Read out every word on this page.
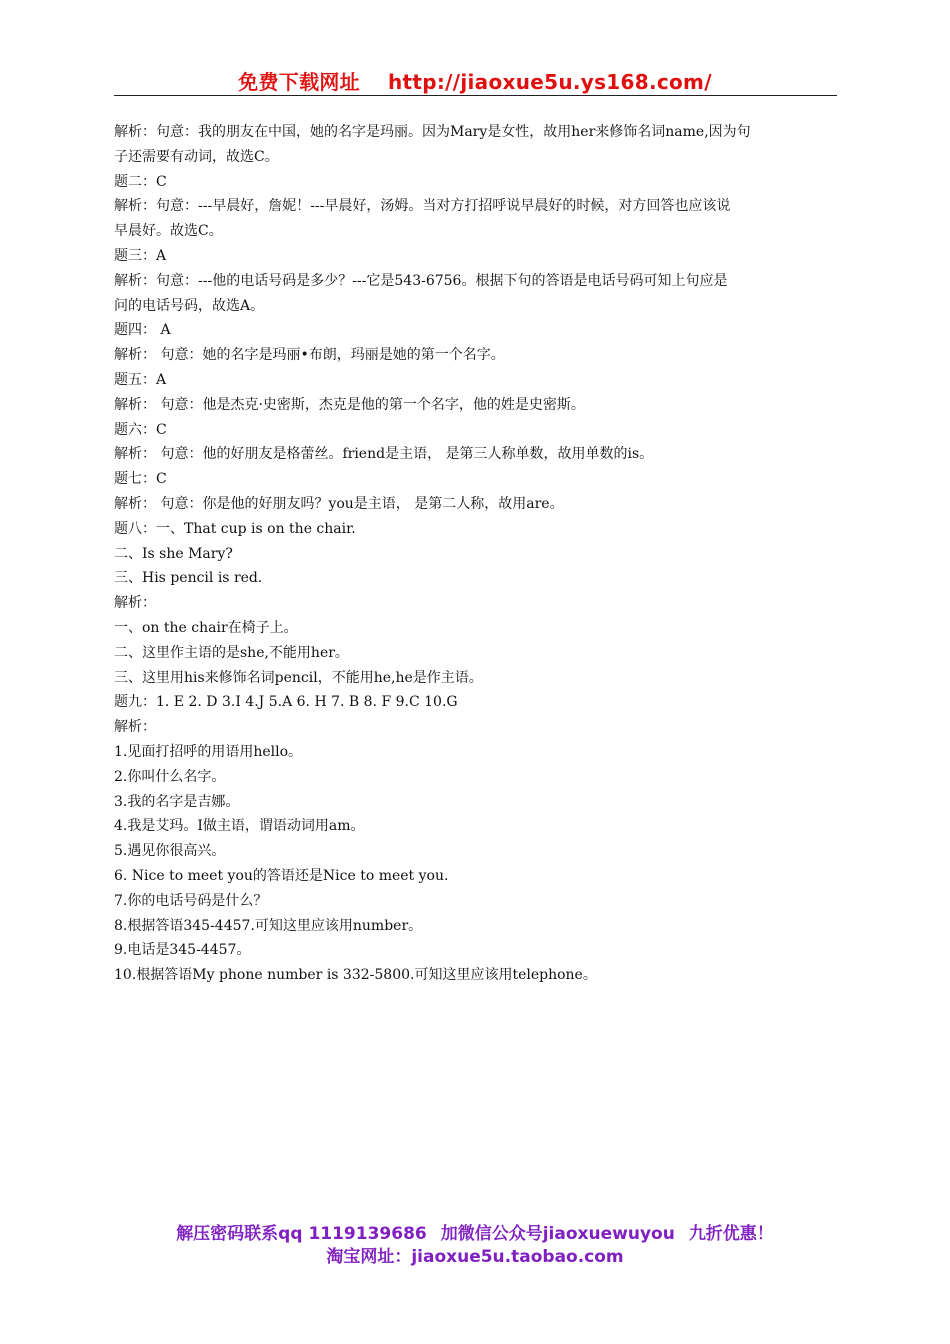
免费下载网址 http://jiaoxue5u.ys168.com/
解析：句意：我的朋友在中国，她的名字是玛丽。因为Mary是女性，故用her来修饰名词name,因为句
子还需要有动词，故选C。
题二：C
解析：句意：---早晨好，詹妮！---早晨好，汤姆。当对方打招呼说早晨好的时候，对方回答也应该说
早晨好。故选C。
题三：A
解析：句意：---他的电话号码是多少？---它是543-6756。根据下句的答语是电话号码可知上句应是
问的电话号码，故选A。
题四： A
解析： 句意：她的名字是玛丽•布朗，玛丽是她的第一个名字。
题五：A
解析： 句意：他是杰克·史密斯，杰克是他的第一个名字，他的姓是史密斯。
题六：C
解析： 句意：他的好朋友是格蕾丝。friend是主语， 是第三人称单数，故用单数的is。
题七：C
解析： 句意：你是他的好朋友吗？you是主语， 是第二人称，故用are。
题八：一、That cup is on the chair.
二、Is she Mary?
三、His pencil is red.
解析：
一、on the chair在椅子上。
二、这里作主语的是she,不能用her。
三、这里用his来修饰名词pencil，不能用he,he是作主语。
题九：1. E 2. D 3.I 4.J 5.A 6. H 7. B 8. F 9.C 10.G
解析：
1.见面打招呼的用语用hello。
2.你叫什么名字。
3.我的名字是吉娜。
4.我是艾玛。I做主语，谓语动词用am。
5.遇见你很高兴。
6. Nice to meet you的答语还是Nice to meet you.
7.你的电话号码是什么？
8.根据答语345-4457.可知这里应该用number。
9.电话是345-4457。
10.根据答语My phone number is 332-5800.可知这里应该用telephone。
解压密码联系qq 1119139686 加微信公众号jiaoxuewuyou 九折优惠！
淘宝网址：jiaoxue5u.taobao.com
